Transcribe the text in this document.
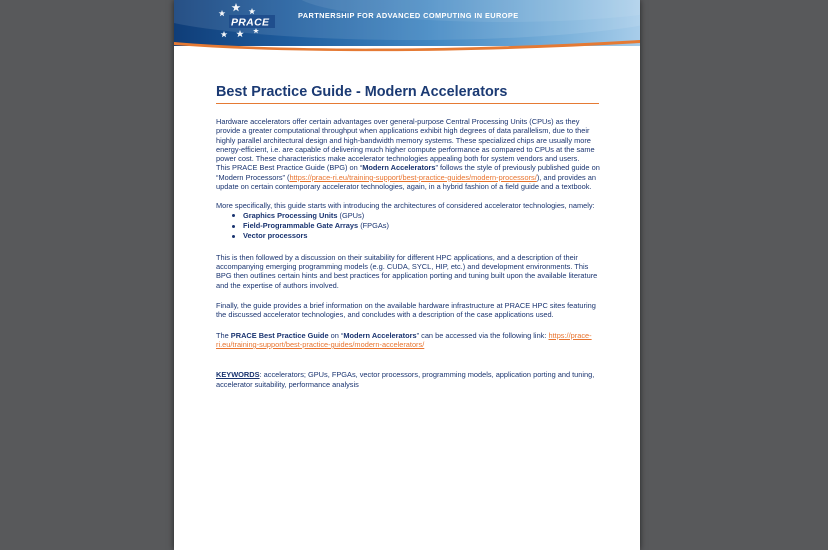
PRACE
PARTNERSHIP FOR ADVANCED COMPUTING IN EUROPE
Best Practice Guide - Modern Accelerators

Hardware accelerators offer certain advantages over general-purpose Central Processing Units (CPUs) as they provide a greater computational throughput when applications exhibit high degrees of data parallelism, due to their highly parallel architectural design and high-bandwidth memory systems. These specialized chips are usually more energy-efficient, i.e. are capable of delivering much higher compute performance as compared to CPUs at the same power cost. These characteristics make accelerator technologies appealing both for system vendors and users.
This PRACE Best Practice Guide (BPG) on “Modern Accelerators” follows the style of previously published guide on “Modern Processors” (https://prace-ri.eu/training-support/best-practice-guides/modern-processors/), and provides an update on certain contemporary accelerator technologies, again, in a hybrid fashion of a field guide and a textbook.

More specifically, this guide starts with introducing the architectures of considered accelerator technologies, namely:

Graphics Processing Units (GPUs)
Field-Programmable Gate Arrays (FPGAs)
Vector processors

This is then followed by a discussion on their suitability for different HPC applications, and a description of their accompanying emerging programming models (e.g. CUDA, SYCL, HIP, etc.) and development environments. This BPG then outlines certain hints and best practices for application porting and tuning built upon the available literature and the expertise of authors involved.

Finally, the guide provides a brief information on the available hardware infrastructure at PRACE HPC sites featuring the discussed accelerator technologies, and concludes with a description of the case applications used.

The PRACE Best Practice Guide on “Modern Accelerators” can be accessed via the following link: https://prace-ri.eu/training-support/best-practice-guides/modern-accelerators/

KEYWORDS: accelerators; GPUs, FPGAs, vector processors, programming models, application porting and tuning, accelerator suitability, performance analysis
